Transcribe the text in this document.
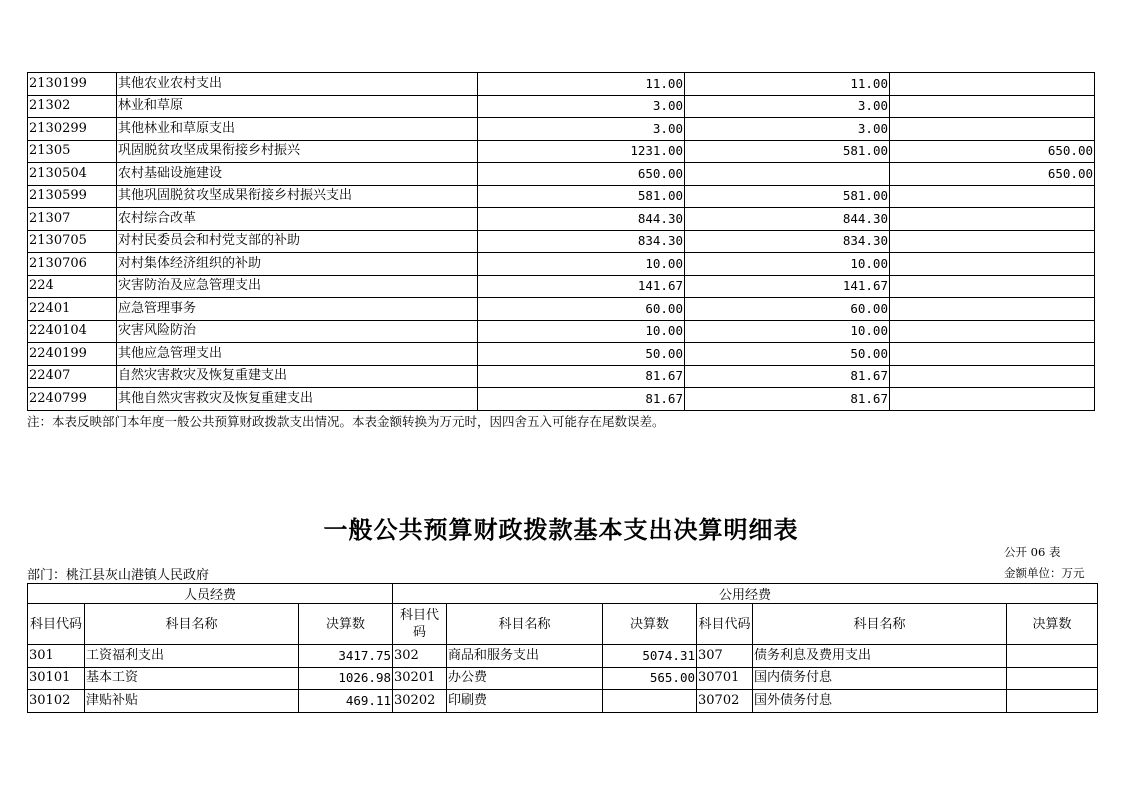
2130199	其他农业农村支出	11.00	11.00	
21302	林业和草原	3.00	3.00	
2130299	其他林业和草原支出	3.00	3.00	
21305	巩固脱贫攻坚成果衔接乡村振兴	1231.00	581.00	650.00
2130504	农村基础设施建设	650.00		650.00
2130599	其他巩固脱贫攻坚成果衔接乡村振兴支出	581.00	581.00	
21307	农村综合改革	844.30	844.30	
2130705	对村民委员会和村党支部的补助	834.30	834.30	
2130706	对村集体经济组织的补助	10.00	10.00	
224	灾害防治及应急管理支出	141.67	141.67	
22401	应急管理事务	60.00	60.00	
2240104	灾害风险防治	10.00	10.00	
2240199	其他应急管理支出	50.00	50.00	
22407	自然灾害救灾及恢复重建支出	81.67	81.67	
2240799	其他自然灾害救灾及恢复重建支出	81.67	81.67	
注：本表反映部门本年度一般公共预算财政拨款支出情况。本表金额转换为万元时，因四舍五入可能存在尾数误差。
一般公共预算财政拨款基本支出决算明细表
公开 06 表
部门：桃江县灰山港镇人民政府	金额单位：万元
人员经费			公用经费					
科目代码	科目名称	决算数	科目代码	科目名称	决算数	科目代码	科目名称	决算数
301	工资福利支出	3417.75	302	商品和服务支出	5074.31	307	债务利息及费用支出	
30101	基本工资	1026.98	30201	办公费	565.00	30701	国内债务付息	
30102	津贴补贴	469.11	30202	印刷费		30702	国外债务付息	
